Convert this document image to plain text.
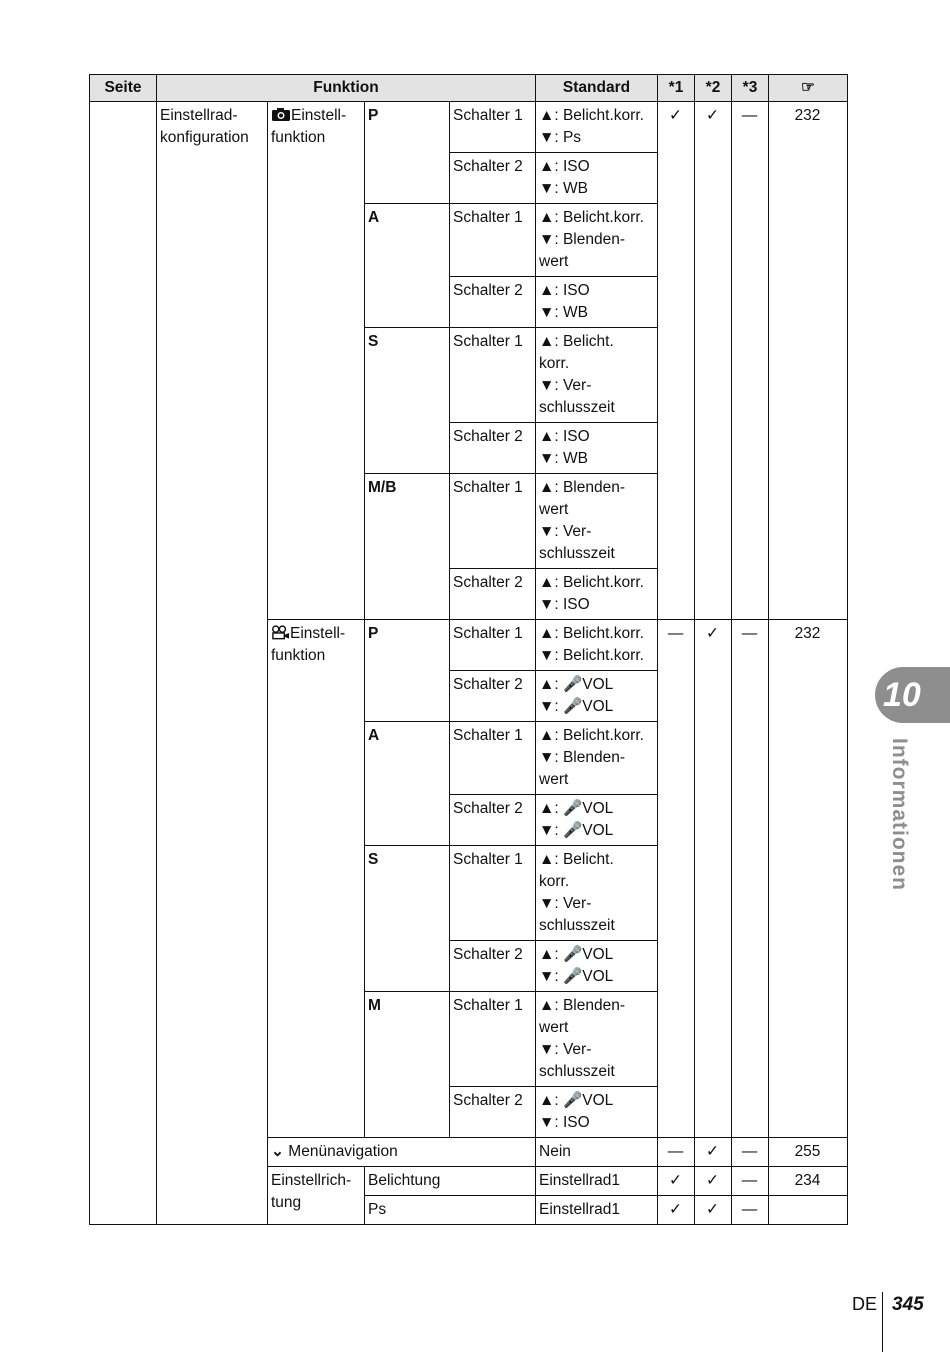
Seite	Funktion				Standard	*1	*2	*3	☞
	Einstellrad-konfiguration	Einstell-funktion	P	Schalter 1	▲: Belicht.korr.
▼: Ps	✓	✓	—	232
				Schalter 2	▲: ISO
▼: WB				

			A	Schalter 1	▲: Belicht.korr.
▼: Blenden-
wert				

				Schalter 2	▲: ISO
▼: WB				

			S	Schalter 1	▲: Belicht.
korr.
▼: Ver-
schlusszeit				

				Schalter 2	▲: ISO
▼: WB				

			M/B	Schalter 1	▲: Blenden-
wert
▼: Ver-
schlusszeit				

				Schalter 2	▲: Belicht.korr.
▼: ISO				

		Einstell-funktion	P	Schalter 1	▲: Belicht.korr.
▼: Belicht.korr.	—	✓	—	232
				Schalter 2	▲: 🎤VOL
▼: 🎤VOL				

			A	Schalter 1	▲: Belicht.korr.
▼: Blenden-
wert				

				Schalter 2	▲: 🎤VOL
▼: 🎤VOL				

			S	Schalter 1	▲: Belicht.
korr.
▼: Ver-
schlusszeit				

				Schalter 2	▲: 🎤VOL
▼: 🎤VOL				

			M	Schalter 1	▲: Blenden-
wert
▼: Ver-
schlusszeit				

				Schalter 2	▲: 🎤VOL
▼: ISO				

		⌄ Menünavigation			Nein	—	✓	—	255
		Einstellrich-tung	Belichtung		Einstellrad1	✓	✓	—	234
			Ps		Einstellrad1	✓	✓	—	
10
Informationen
DE 345
